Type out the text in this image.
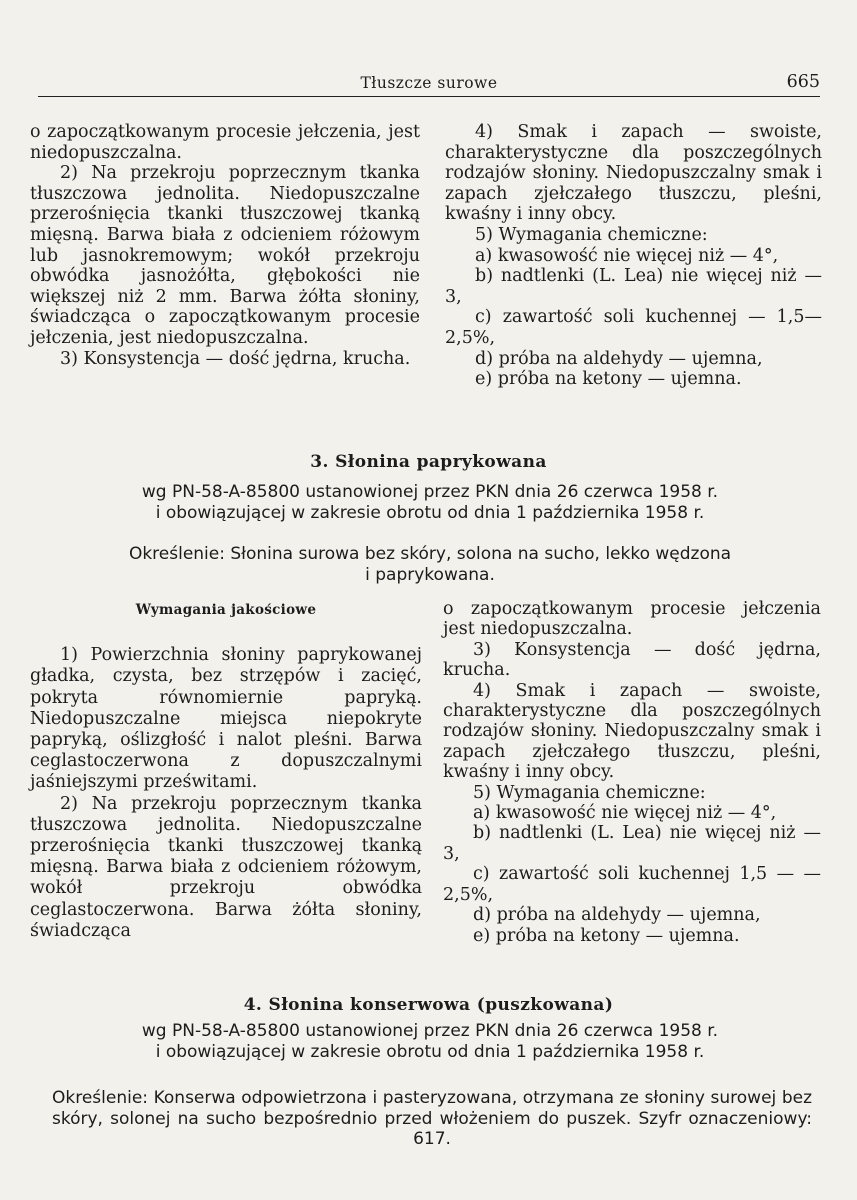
Tłuszcze surowe	665

o zapoczątkowanym procesie jełczenia, jest niedopuszczalna.

2) Na przekroju poprzecznym tkanka tłuszczowa jednolita. Niedopuszczalne przerośnięcia tkanki tłuszczowej tkanką mięsną. Barwa biała z odcieniem różowym lub jasnokremowym; wokół przekroju obwódka jasnożółta, głębokości nie większej niż 2 mm. Barwa żółta słoniny, świadcząca o zapoczątkowanym procesie jełczenia, jest niedopuszczalna.

3) Konsystencja — dość jędrna, krucha.

4) Smak i zapach — swoiste, charakterystyczne dla poszczególnych rodzajów słoniny. Niedopuszczalny smak i zapach zjełczałego tłuszczu, pleśni, kwaśny i inny obcy.

5) Wymagania chemiczne:

a) kwasowość nie więcej niż — 4°,

b) nadtlenki (L. Lea) nie więcej niż — 3,

c) zawartość soli kuchennej — 1,5—2,5%,

d) próba na aldehydy — ujemna,

e) próba na ketony — ujemna.

3. Słonina paprykowana
wg PN-58-A-85800 ustanowionej przez PKN dnia 26 czerwca 1958 r.
i obowiązującej w zakresie obrotu od dnia 1 października 1958 r.
Określenie: Słonina surowa bez skóry, solona na sucho, lekko wędzona
i paprykowana.
Wymagania jakościowe

1) Powierzchnia słoniny paprykowanej gładka, czysta, bez strzępów i zacięć, pokryta równomiernie papryką. Niedopuszczalne miejsca niepokryte papryką, oślizgłość i nalot pleśni. Barwa ceglastoczerwona z dopuszczalnymi jaśniejszymi prześwitami.

2) Na przekroju poprzecznym tkanka tłuszczowa jednolita. Niedopuszczalne przerośnięcia tkanki tłuszczowej tkanką mięsną. Barwa biała z odcieniem różowym, wokół przekroju obwódka ceglastoczerwona. Barwa żółta słoniny, świadcząca

o zapoczątkowanym procesie jełczenia jest niedopuszczalna.

3) Konsystencja — dość jędrna, krucha.

4) Smak i zapach — swoiste, charakterystyczne dla poszczególnych rodzajów słoniny. Niedopuszczalny smak i zapach zjełczałego tłuszczu, pleśni, kwaśny i inny obcy.

5) Wymagania chemiczne:

a) kwasowość nie więcej niż — 4°,

b) nadtlenki (L. Lea) nie więcej niż — 3,

c) zawartość soli kuchennej 1,5 — —2,5%,

d) próba na aldehydy — ujemna,

e) próba na ketony — ujemna.

4. Słonina konserwowa (puszkowana)
wg PN-58-A-85800 ustanowionej przez PKN dnia 26 czerwca 1958 r.
i obowiązującej w zakresie obrotu od dnia 1 października 1958 r.
Określenie: Konserwa odpowietrzona i pasteryzowana, otrzymana ze słoniny surowej bez skóry, solonej na sucho bezpośrednio przed włożeniem do puszek. Szyfr oznaczeniowy: 617.
